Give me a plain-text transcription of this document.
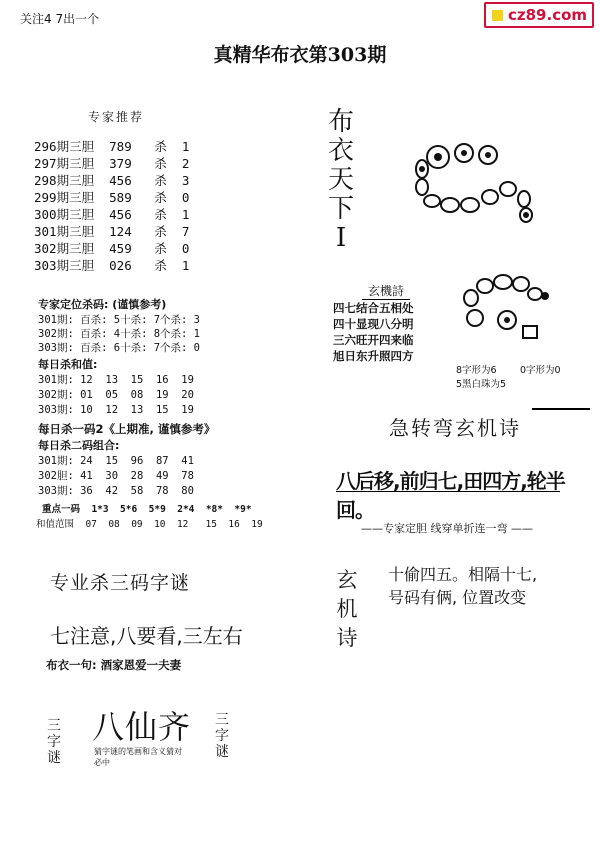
关注4 7出一个	cz89.com
真精华布衣第303期
专家推荐
296期三胆 789 杀 1
297期三胆 379 杀 2
298期三胆 456 杀 3
299期三胆 589 杀 0
300期三胆 456 杀 1
301期三胆 124 杀 7
302期三胆 459 杀 0
303期三胆 026 杀 1
专家定位杀码: (谨慎参考)
301期: 百杀: 5十杀: 7个杀: 3
302期: 百杀: 4十杀: 8个杀: 1
303期: 百杀: 6十杀: 7个杀: 0
每日杀和值:
301期: 12  13  15  16  19
302期: 01  05  08  19  20
303期: 10  12  13  15  19
每日杀一码2《上期准, 谨慎参考》
每日杀二码组合:
301期: 24  15  96  87  41
302胆: 41  30  28  49  78
303期: 36  42  58  78  80
重点一码  1*3  5*6  5*9  2*4  *8*  *9*
和值范围  07  08  09  10  12   15  16  19
布
衣
天
下
I
玄機詩
四七结合五相处
四十显现八分明
三六旺开四来临
旭日东升照四方
8字形为6 0字形为0
5黑白珠为5
急转弯玄机诗
八后移,前归七,田四方,轮半回。
——专家定胆 线穿单折连一弯 ——
玄
机
诗
十偷四五。相隔十七,
号码有俩, 位置改变
专业杀三码字谜
七注意,八要看,三左右
布衣一句: 酒家恩爱一夫妻
八仙齐
猜字谜的笔画和含义猜对必中
三字谜
三字谜
